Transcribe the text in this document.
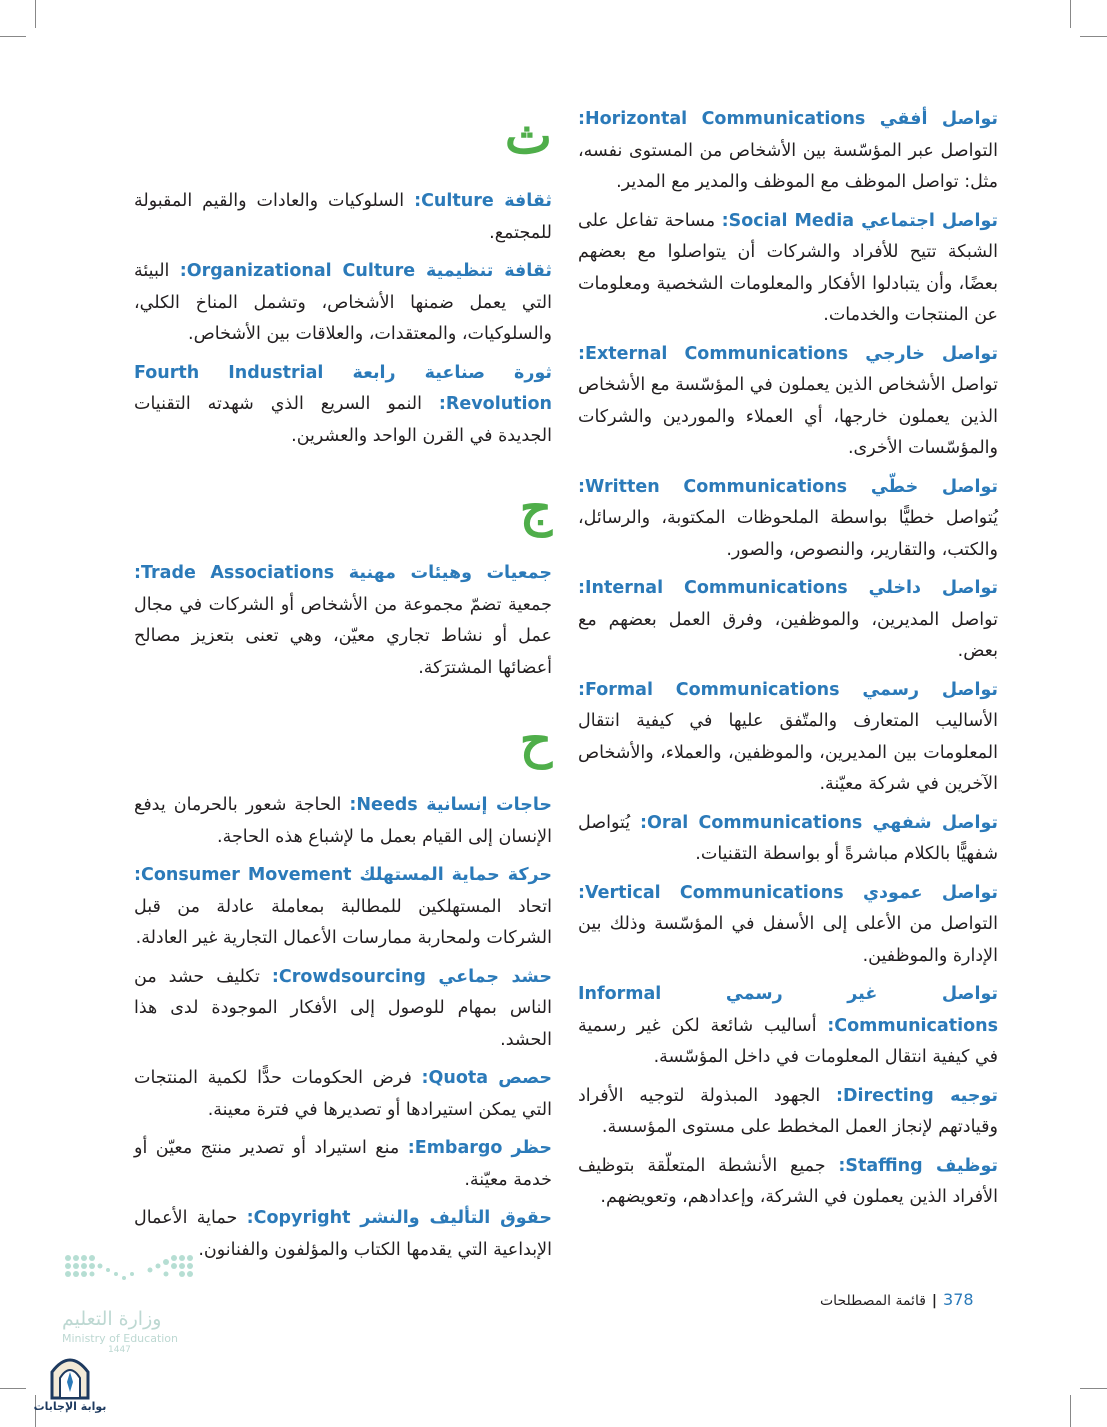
تواصل أفقي Horizontal Communications: التواصل عبر المؤسّسة بين الأشخاص من المستوى نفسه، مثل: تواصل الموظف مع الموظف والمدير مع المدير.

تواصل اجتماعي Social Media: مساحة تفاعل على الشبكة تتيح للأفراد والشركات أن يتواصلوا مع بعضهم بعضًا، وأن يتبادلوا الأفكار والمعلومات الشخصية ومعلومات عن المنتجات والخدمات.

تواصل خارجي External Communications: تواصل الأشخاص الذين يعملون في المؤسّسة مع الأشخاص الذين يعملون خارجها، أي العملاء والموردين والشركات والمؤسّسات الأخرى.

تواصل خطّي Written Communications: يُتواصل خطيًّا بواسطة الملحوظات المكتوبة، والرسائل، والكتب، والتقارير، والنصوص، والصور.

تواصل داخلي Internal Communications: تواصل المديرين، والموظفين، وفرق العمل بعضهم مع بعض.

تواصل رسمي Formal Communications: الأساليب المتعارف والمتّفق عليها في كيفية انتقال المعلومات بين المديرين، والموظفين، والعملاء، والأشخاص الآخرين في شركة معيّنة.

تواصل شفهي Oral Communications: يُتواصل شفهيًّا بالكلام مباشرةً أو بواسطة التقنيات.

تواصل عمودي Vertical Communications: التواصل من الأعلى إلى الأسفل في المؤسّسة وذلك بين الإدارة والموظفين.

تواصل غير رسمي Informal Communications: أساليب شائعة لكن غير رسمية في كيفية انتقال المعلومات في داخل المؤسّسة.

توجيه Directing: الجهود المبذولة لتوجيه الأفراد وقيادتهم لإنجاز العمل المخطط على مستوى المؤسسة.

توظيف Staffing: جميع الأنشطة المتعلّقة بتوظيف الأفراد الذين يعملون في الشركة، وإعدادهم، وتعويضهم.

ث

ثقافة Culture: السلوكيات والعادات والقيم المقبولة للمجتمع.

ثقافة تنظيمية Organizational Culture: البيئة التي يعمل ضمنها الأشخاص، وتشمل المناخ الكلي، والسلوكيات، والمعتقدات، والعلاقات بين الأشخاص.

ثورة صناعية رابعة Fourth Industrial Revolution: النمو السريع الذي شهدته التقنيات الجديدة في القرن الواحد والعشرين.

ج

جمعيات وهيئات مهنية Trade Associations: جمعية تضمّ مجموعة من الأشخاص أو الشركات في مجال عمل أو نشاط تجاري معيّن، وهي تعنى بتعزيز مصالح أعضائها المشترَكة.

ح

حاجات إنسانية Needs: الحاجة شعور بالحرمان يدفع الإنسان إلى القيام بعمل ما لإشباع هذه الحاجة.

حركة حماية المستهلك Consumer Movement: اتحاد المستهلكين للمطالبة بمعاملة عادلة من قبل الشركات ولمحاربة ممارسات الأعمال التجارية غير العادلة.

حشد جماعي Crowdsourcing: تكليف حشد من الناس بمهام للوصول إلى الأفكار الموجودة لدى هذا الحشد.

حصص Quota: فرض الحكومات حدًّا لكمية المنتجات التي يمكن استيرادها أو تصديرها في فترة معينة.

حظر Embargo: منع استيراد أو تصدير منتج معيّن أو خدمة معيّنة.

حقوق التأليف والنشر Copyright: حماية الأعمال الإبداعية التي يقدمها الكتاب والمؤلفون والفنانون.

378|قائمة المصطلحات
وزارة التعليم
Ministry of Education
1447
بوابة الإجابات
